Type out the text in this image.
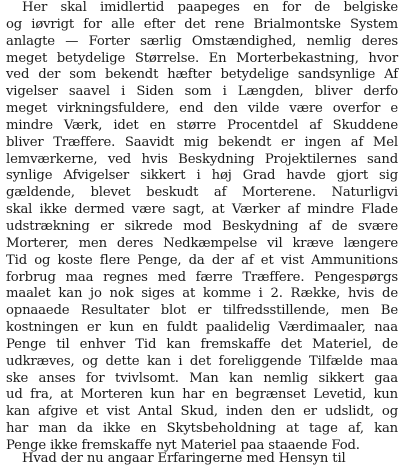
Her skal imidlertid paapeges en for de belgiske
og iøvrigt for alle efter det rene Brialmontske System
anlagte — Forter særlig Omstændighed, nemlig deres
meget betydelige Størrelse. En Morterbekastning, hvor
ved der som bekendt hæfter betydelige sandsynlige Af
vigelser saavel i Siden som i Længden, bliver derfo
meget virkningsfuldere, end den vilde være overfor e
mindre Værk, idet en større Procentdel af Skuddene
bliver Træffere. Saavidt mig bekendt er ingen af Mel
lemværkerne, ved hvis Beskydning Projektilernes sand
synlige Afvigelser sikkert i høj Grad havde gjort sig
gældende, blevet beskudt af Morterene. Naturligvi
skal ikke dermed være sagt, at Værker af mindre Flade
udstrækning er sikrede mod Beskydning af de svære
Morterer, men deres Nedkæmpelse vil kræve længere
Tid og koste flere Penge, da der af et vist Ammunitions
forbrug maa regnes med færre Træffere. Pengespørgs
maalet kan jo nok siges at komme i 2. Række, hvis de
opnaaede Resultater blot er tilfredsstillende, men Be
kostningen er kun en fuldt paalidelig Værdimaaler, naa
Penge til enhver Tid kan fremskaffe det Materiel, de
udkræves, og dette kan i det foreliggende Tilfælde maa
ske anses for tvivlsomt. Man kan nemlig sikkert gaa
ud fra, at Morteren kun har en begrænset Levetid, kun
kan afgive et vist Antal Skud, inden den er udslidt, og
har man da ikke en Skytsbeholdning at tage af, kan
Penge ikke fremskaffe nyt Materiel paa staaende Fod.
Hvad der nu angaar Erfaringerne med Hensyn til
